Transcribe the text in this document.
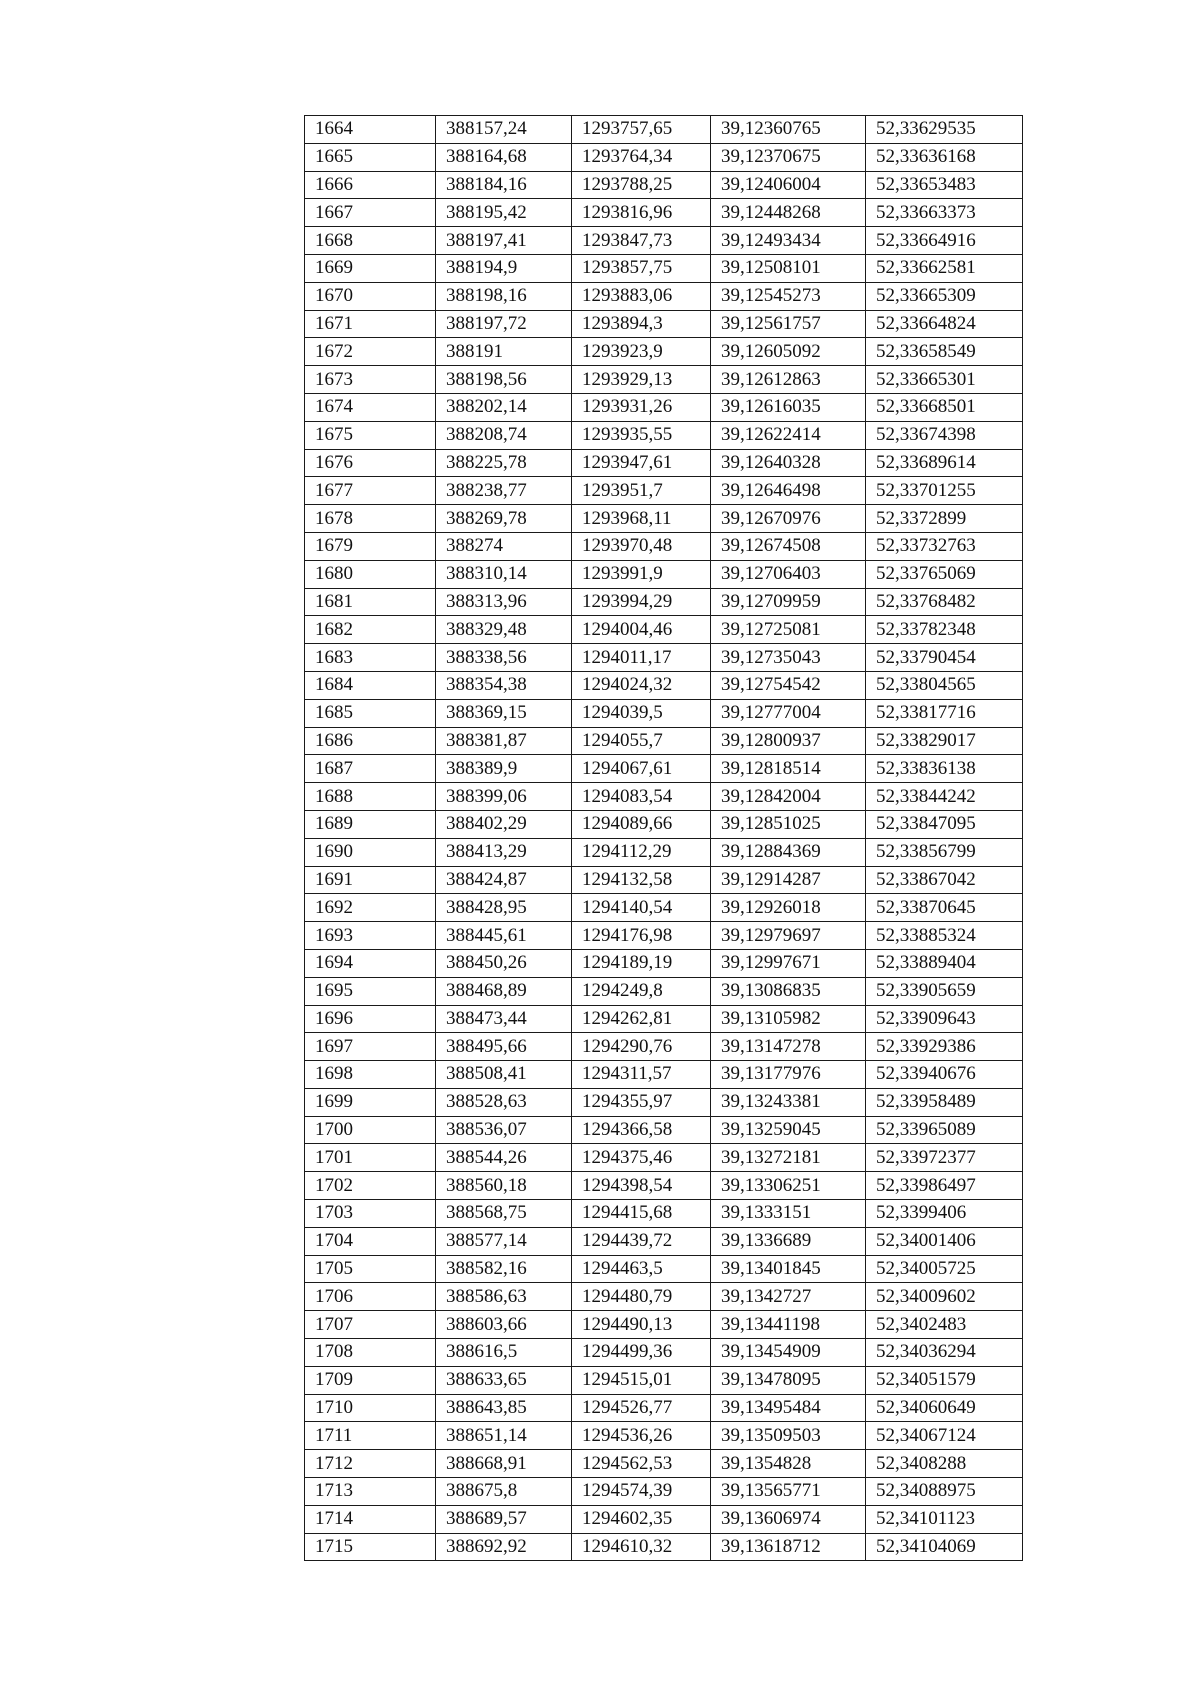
1664	388157,24	1293757,65	39,12360765	52,33629535
1665	388164,68	1293764,34	39,12370675	52,33636168
1666	388184,16	1293788,25	39,12406004	52,33653483
1667	388195,42	1293816,96	39,12448268	52,33663373
1668	388197,41	1293847,73	39,12493434	52,33664916
1669	388194,9	1293857,75	39,12508101	52,33662581
1670	388198,16	1293883,06	39,12545273	52,33665309
1671	388197,72	1293894,3	39,12561757	52,33664824
1672	388191	1293923,9	39,12605092	52,33658549
1673	388198,56	1293929,13	39,12612863	52,33665301
1674	388202,14	1293931,26	39,12616035	52,33668501
1675	388208,74	1293935,55	39,12622414	52,33674398
1676	388225,78	1293947,61	39,12640328	52,33689614
1677	388238,77	1293951,7	39,12646498	52,33701255
1678	388269,78	1293968,11	39,12670976	52,3372899
1679	388274	1293970,48	39,12674508	52,33732763
1680	388310,14	1293991,9	39,12706403	52,33765069
1681	388313,96	1293994,29	39,12709959	52,33768482
1682	388329,48	1294004,46	39,12725081	52,33782348
1683	388338,56	1294011,17	39,12735043	52,33790454
1684	388354,38	1294024,32	39,12754542	52,33804565
1685	388369,15	1294039,5	39,12777004	52,33817716
1686	388381,87	1294055,7	39,12800937	52,33829017
1687	388389,9	1294067,61	39,12818514	52,33836138
1688	388399,06	1294083,54	39,12842004	52,33844242
1689	388402,29	1294089,66	39,12851025	52,33847095
1690	388413,29	1294112,29	39,12884369	52,33856799
1691	388424,87	1294132,58	39,12914287	52,33867042
1692	388428,95	1294140,54	39,12926018	52,33870645
1693	388445,61	1294176,98	39,12979697	52,33885324
1694	388450,26	1294189,19	39,12997671	52,33889404
1695	388468,89	1294249,8	39,13086835	52,33905659
1696	388473,44	1294262,81	39,13105982	52,33909643
1697	388495,66	1294290,76	39,13147278	52,33929386
1698	388508,41	1294311,57	39,13177976	52,33940676
1699	388528,63	1294355,97	39,13243381	52,33958489
1700	388536,07	1294366,58	39,13259045	52,33965089
1701	388544,26	1294375,46	39,13272181	52,33972377
1702	388560,18	1294398,54	39,13306251	52,33986497
1703	388568,75	1294415,68	39,1333151	52,3399406
1704	388577,14	1294439,72	39,1336689	52,34001406
1705	388582,16	1294463,5	39,13401845	52,34005725
1706	388586,63	1294480,79	39,1342727	52,34009602
1707	388603,66	1294490,13	39,13441198	52,3402483
1708	388616,5	1294499,36	39,13454909	52,34036294
1709	388633,65	1294515,01	39,13478095	52,34051579
1710	388643,85	1294526,77	39,13495484	52,34060649
1711	388651,14	1294536,26	39,13509503	52,34067124
1712	388668,91	1294562,53	39,1354828	52,3408288
1713	388675,8	1294574,39	39,13565771	52,34088975
1714	388689,57	1294602,35	39,13606974	52,34101123
1715	388692,92	1294610,32	39,13618712	52,34104069
